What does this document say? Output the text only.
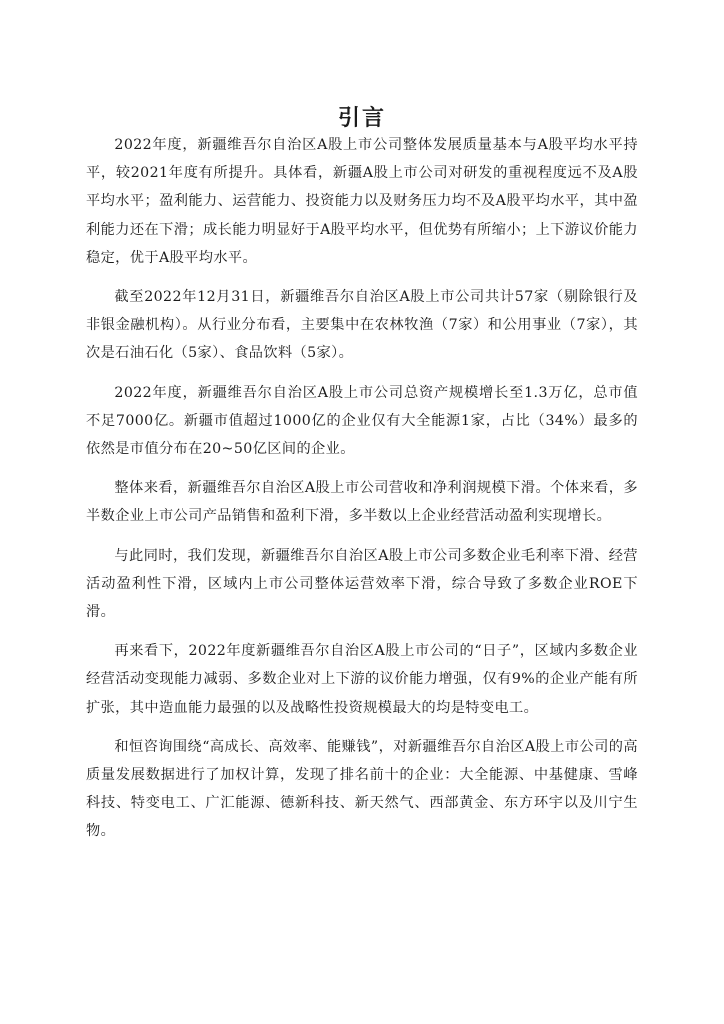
引言

2022年度，新疆维吾尔自治区A股上市公司整体发展质量基本与A股平均水平持平，较2021年度有所提升。具体看，新疆A股上市公司对研发的重视程度远不及A股平均水平；盈利能力、运营能力、投资能力以及财务压力均不及A股平均水平，其中盈利能力还在下滑；成长能力明显好于A股平均水平，但优势有所缩小；上下游议价能力稳定，优于A股平均水平。

截至2022年12月31日，新疆维吾尔自治区A股上市公司共计57家（剔除银行及非银金融机构）。从行业分布看，主要集中在农林牧渔（7家）和公用事业（7家），其次是石油石化（5家）、食品饮料（5家）。

2022年度，新疆维吾尔自治区A股上市公司总资产规模增长至1.3万亿，总市值不足7000亿。新疆市值超过1000亿的企业仅有大全能源1家，占比（34%）最多的依然是市值分布在20~50亿区间的企业。

整体来看，新疆维吾尔自治区A股上市公司营收和净利润规模下滑。个体来看，多半数企业上市公司产品销售和盈利下滑，多半数以上企业经营活动盈利实现增长。

与此同时，我们发现，新疆维吾尔自治区A股上市公司多数企业毛利率下滑、经营活动盈利性下滑，区域内上市公司整体运营效率下滑，综合导致了多数企业ROE下滑。

再来看下，2022年度新疆维吾尔自治区A股上市公司的“日子”，区域内多数企业经营活动变现能力减弱、多数企业对上下游的议价能力增强，仅有9%的企业产能有所扩张，其中造血能力最强的以及战略性投资规模最大的均是特变电工。

和恒咨询围绕“高成长、高效率、能赚钱”，对新疆维吾尔自治区A股上市公司的高质量发展数据进行了加权计算，发现了排名前十的企业：大全能源、中基健康、雪峰科技、特变电工、广汇能源、德新科技、新天然气、西部黄金、东方环宇以及川宁生物。
